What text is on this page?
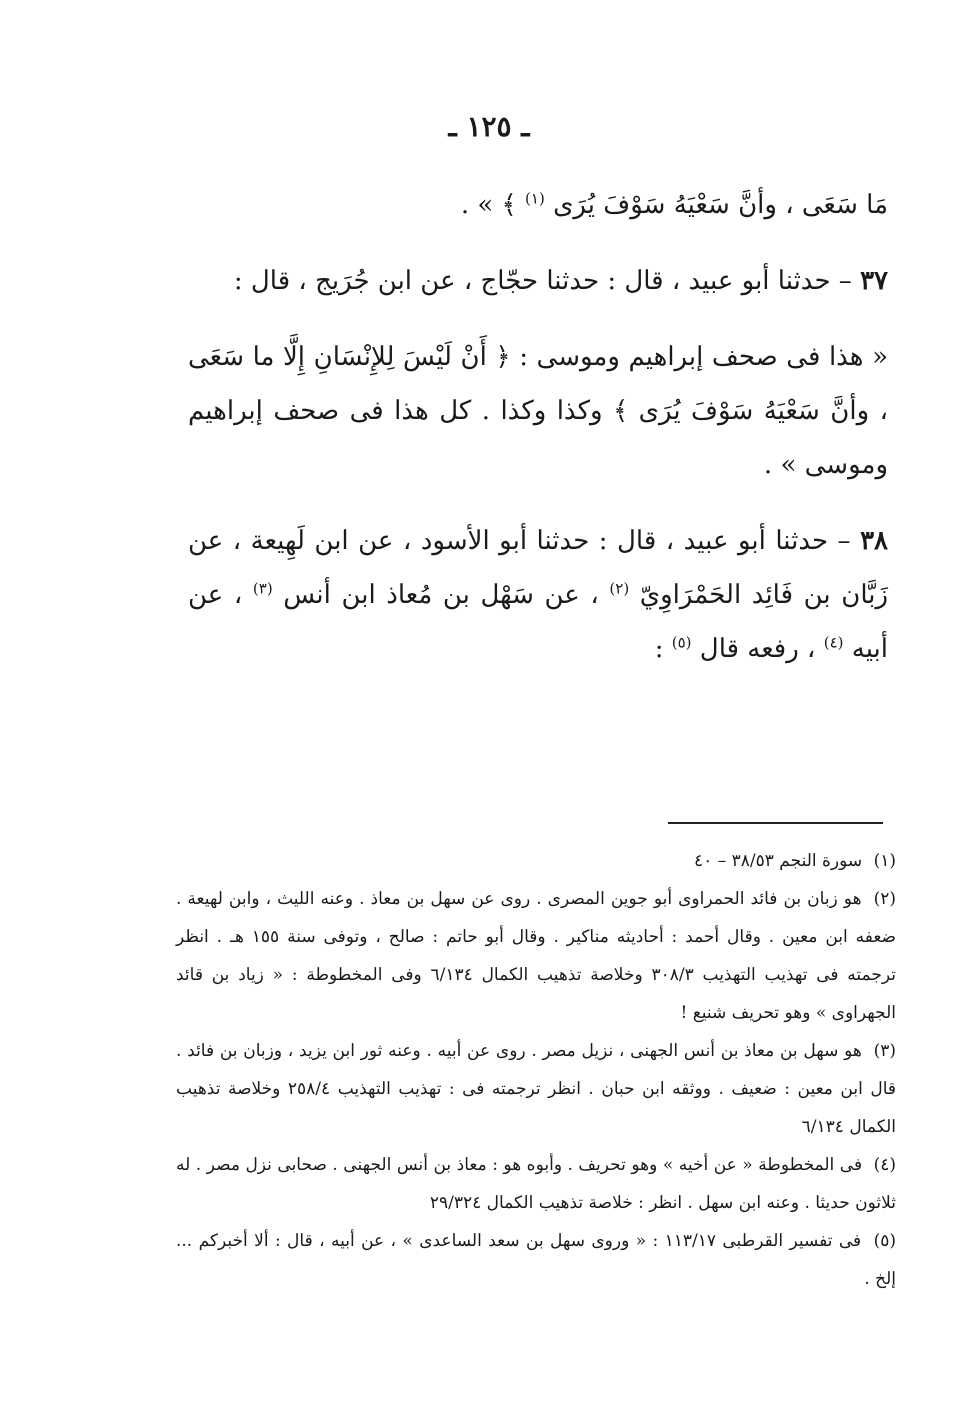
ـ ١٢٥ ـ

مَا سَعَى ، وأنَّ سَعْيَهُ سَوْفَ يُرَى $^{(١)}$ ﴾ » .

٣٧ – حدثنا أبو عبيد ، قال : حدثنا حجّاج ، عن ابن جُرَيج ، قال :

« هذا فى صحف إبراهيم وموسى : ﴿ أَنْ لَيْسَ لِلإِنْسَانِ إِلَّا ما سَعَى ، وأنَّ سَعْيَهُ سَوْفَ يُرَى ﴾ وكذا وكذا . كل هذا فى صحف إبراهيم وموسى » .

٣٨ – حدثنا أبو عبيد ، قال : حدثنا أبو الأسود ، عن ابن لَهِيعة ، عن زَبَّان بن فَائِد الحَمْرَاوِيّ $^{(٢)}$ ، عن سَهْل بن مُعاذ ابن أنس $^{(٣)}$ ، عن أبيه $^{(٤)}$ ، رفعه قال $^{(٥)}$ :

(١) سورة النجم ٣٨/٥٣ – ٤٠

(٢) هو زبان بن فائد الحمراوى أبو جوين المصرى . روى عن سهل بن معاذ . وعنه الليث ، وابن لهيعة . ضعفه ابن معين . وقال أحمد : أحاديثه مناكير . وقال أبو حاتم : صالح ، وتوفى سنة ١٥٥ هـ . انظر ترجمته فى تهذيب التهذيب ٣٠٨/٣ وخلاصة تذهيب الكمال ٦/١٣٤ وفى المخطوطة : « زياد بن قائد الجهراوى » وهو تحريف شنيع !

(٣) هو سهل بن معاذ بن أنس الجهنى ، نزيل مصر . روى عن أبيه . وعنه ثور ابن يزيد ، وزبان بن فائد . قال ابن معين : ضعيف . ووثقه ابن حبان . انظر ترجمته فى : تهذيب التهذيب ٢٥٨/٤ وخلاصة تذهيب الكمال ٦/١٣٤

(٤) فى المخطوطة « عن أخيه » وهو تحريف . وأبوه هو : معاذ بن أنس الجهنى . صحابى نزل مصر . له ثلاثون حديثا . وعنه ابن سهل . انظر : خلاصة تذهيب الكمال ٢٩/٣٢٤

(٥) فى تفسير القرطبى ١١٣/١٧ : « وروى سهل بن سعد الساعدى » ، عن أبيه ، قال : ألا أخبركم ... إلخ .
